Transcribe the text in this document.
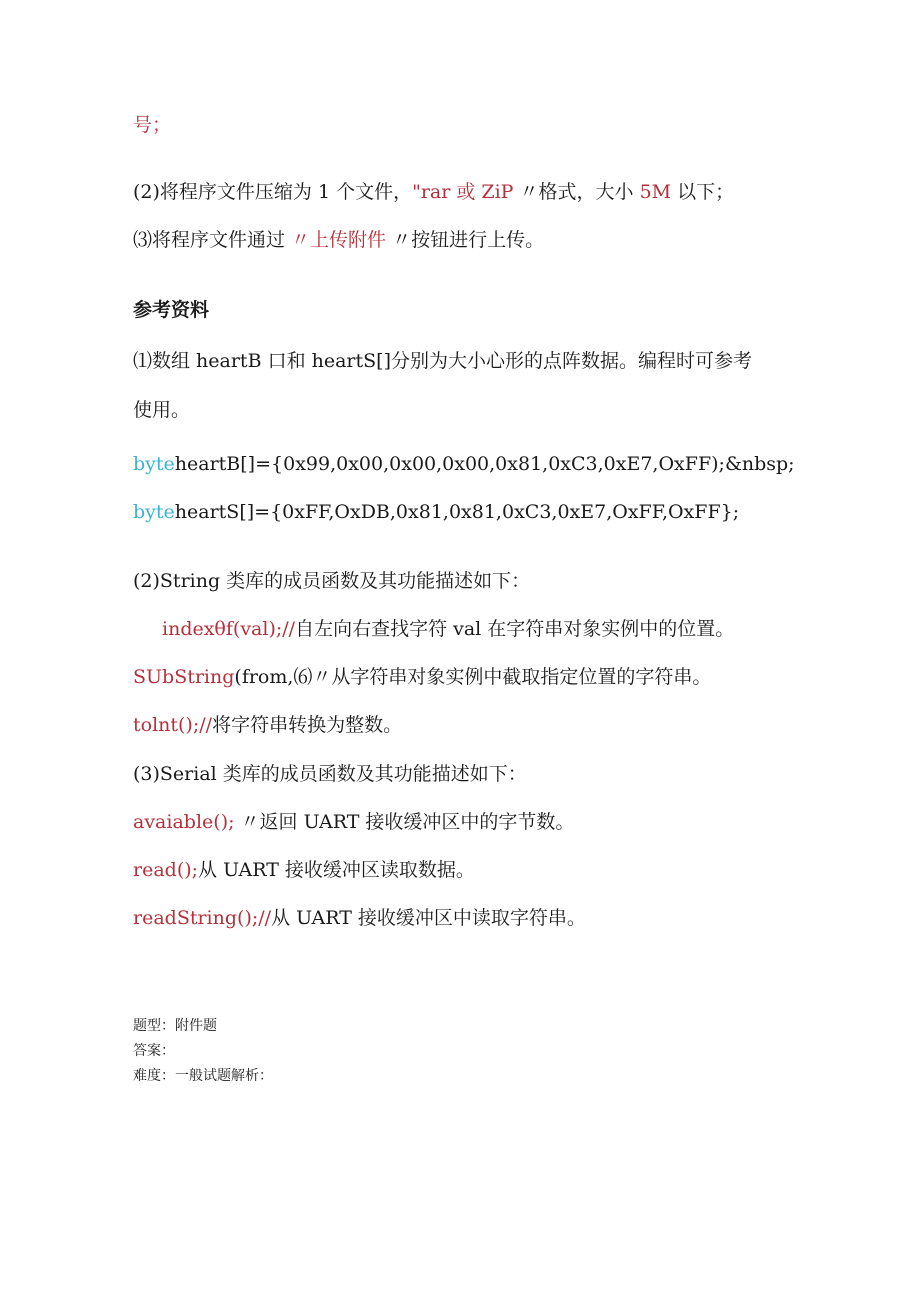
号；
(2)将程序文件压缩为 1 个文件，"rar 或 ZiP 〃格式，大小 5M 以下；
⑶将程序文件通过 〃上传附件 〃按钮进行上传。
参考资料
⑴数组 heartB 口和 heartS[]分别为大小心形的点阵数据。编程时可参考
使用。
byteheartB[]={0x99,0x00,0x00,0x00,0x81,0xC3,0xE7,OxFF);&nbsp;
byteheartS[]={0xFF,OxDB,0x81,0x81,0xC3,0xE7,OxFF,OxFF};
(2)String 类库的成员函数及其功能描述如下：
indexθf(val);//自左向右查找字符 val 在字符串对象实例中的位置。
SUbString(from,⑹〃从字符串对象实例中截取指定位置的字符串。
tolnt();//将字符串转换为整数。
(3)Serial 类库的成员函数及其功能描述如下：
avaiable(); 〃返回 UART 接收缓冲区中的字节数。
read();从 UART 接收缓冲区读取数据。
readString();//从 UART 接收缓冲区中读取字符串。
题型：附件题
答案：
难度：一般试题解析：
